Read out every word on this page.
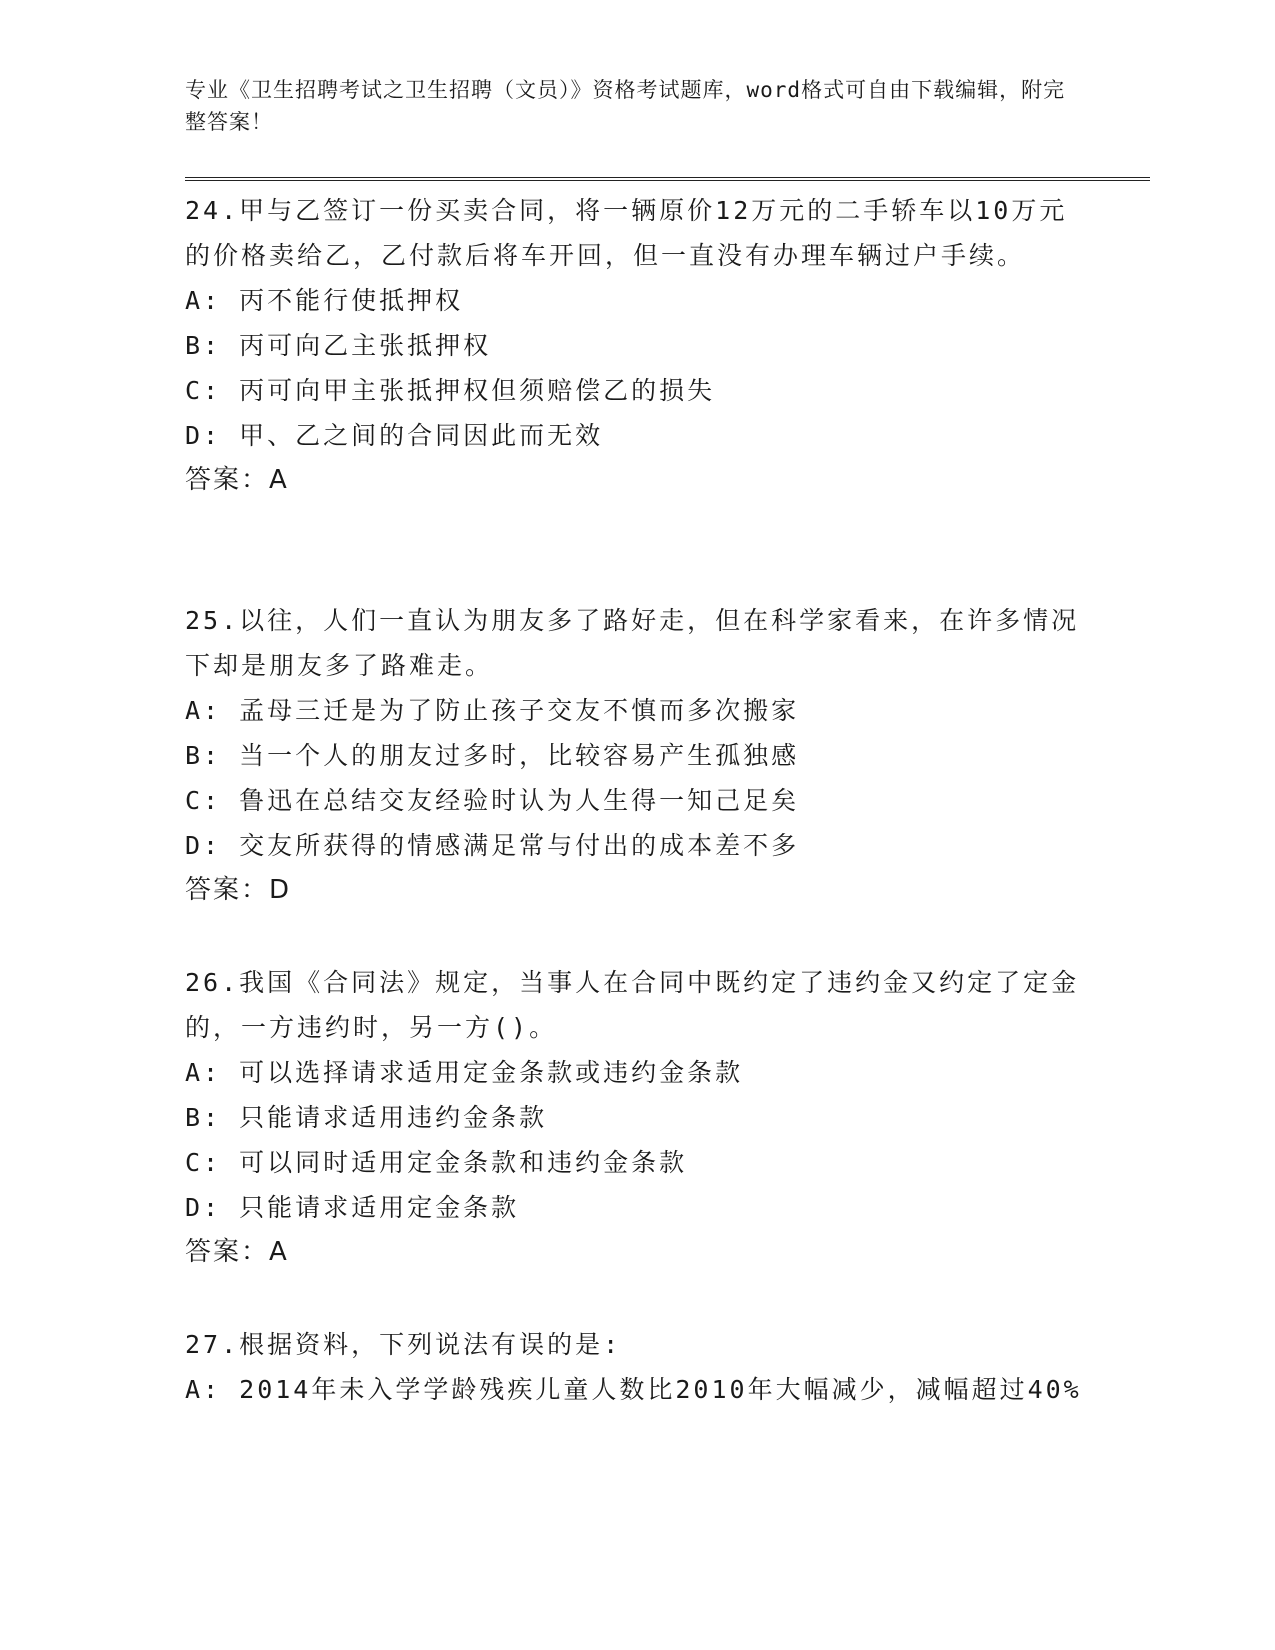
专业《卫生招聘考试之卫生招聘（文员）》资格考试题库，word格式可自由下载编辑，附完整答案！
24.甲与乙签订一份买卖合同，将一辆原价12万元的二手轿车以10万元的价格卖给乙，乙付款后将车开回，但一直没有办理车辆过户手续。
A: 丙不能行使抵押权
B: 丙可向乙主张抵押权
C: 丙可向甲主张抵押权但须赔偿乙的损失
D: 甲、乙之间的合同因此而无效
答案：A
25.以往，人们一直认为朋友多了路好走，但在科学家看来，在许多情况下却是朋友多了路难走。
A: 孟母三迁是为了防止孩子交友不慎而多次搬家
B: 当一个人的朋友过多时，比较容易产生孤独感
C: 鲁迅在总结交友经验时认为人生得一知己足矣
D: 交友所获得的情感满足常与付出的成本差不多
答案：D
26.我国《合同法》规定，当事人在合同中既约定了违约金又约定了定金的，一方违约时，另一方()。
A: 可以选择请求适用定金条款或违约金条款
B: 只能请求适用违约金条款
C: 可以同时适用定金条款和违约金条款
D: 只能请求适用定金条款
答案：A
27.根据资料，下列说法有误的是:
A: 2014年未入学学龄残疾儿童人数比2010年大幅减少，减幅超过40%
